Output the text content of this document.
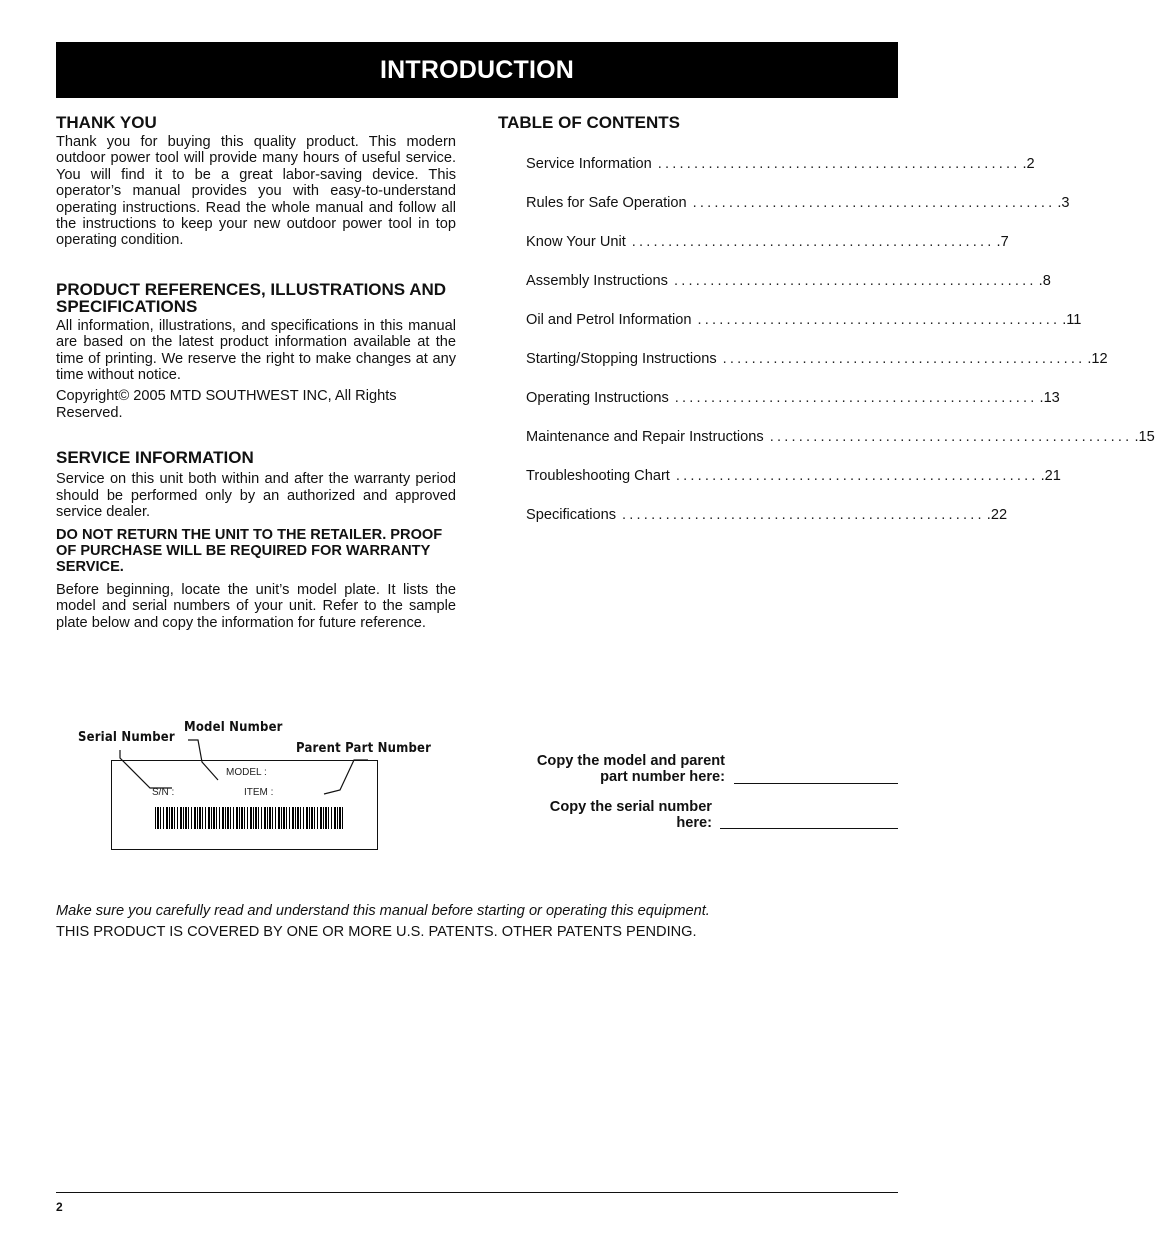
INTRODUCTION
THANK YOU

Thank you for buying this quality product. This modern outdoor power tool will provide many hours of useful service. You will find it to be a great labor-saving device. This operator’s manual provides you with easy-to-understand operating instructions. Read the whole manual and follow all the instructions to keep your new outdoor power tool in top operating condition.

PRODUCT REFERENCES, ILLUSTRATIONS AND SPECIFICATIONS

All information, illustrations, and specifications in this manual are based on the latest product information available at the time of printing. We reserve the right to make changes at any time without notice.

Copyright© 2005 MTD SOUTHWEST INC, All Rights Reserved.

SERVICE INFORMATION

Service on this unit both within and after the warranty period should be performed only by an authorized and approved service dealer.

DO NOT RETURN THE UNIT TO THE RETAILER. PROOF OF PURCHASE WILL BE REQUIRED FOR WARRANTY SERVICE.

Before beginning, locate the unit’s model plate. It lists the model and serial numbers of your unit. Refer to the sample plate below and copy the information for future reference.

TABLE OF CONTENTS
Service Information .................................................. .2
Rules for Safe Operation .................................................. .3
Know Your Unit .................................................. .7
Assembly Instructions .................................................. .8
Oil and Petrol Information .................................................. .11
Starting/Stopping Instructions .................................................. .12
Operating Instructions .................................................. .13
Maintenance and Repair Instructions .................................................. .15
Troubleshooting Chart .................................................. .21
Specifications .................................................. .22
Serial Number
Model Number
Parent Part Number
MODEL :
S/N :	ITEM :
Copy the model and parent
part number here:
Copy the serial number
here:
Make sure you carefully read and understand this manual before starting or operating this equipment.
THIS PRODUCT IS COVERED BY ONE OR MORE U.S. PATENTS. OTHER PATENTS PENDING.
2
